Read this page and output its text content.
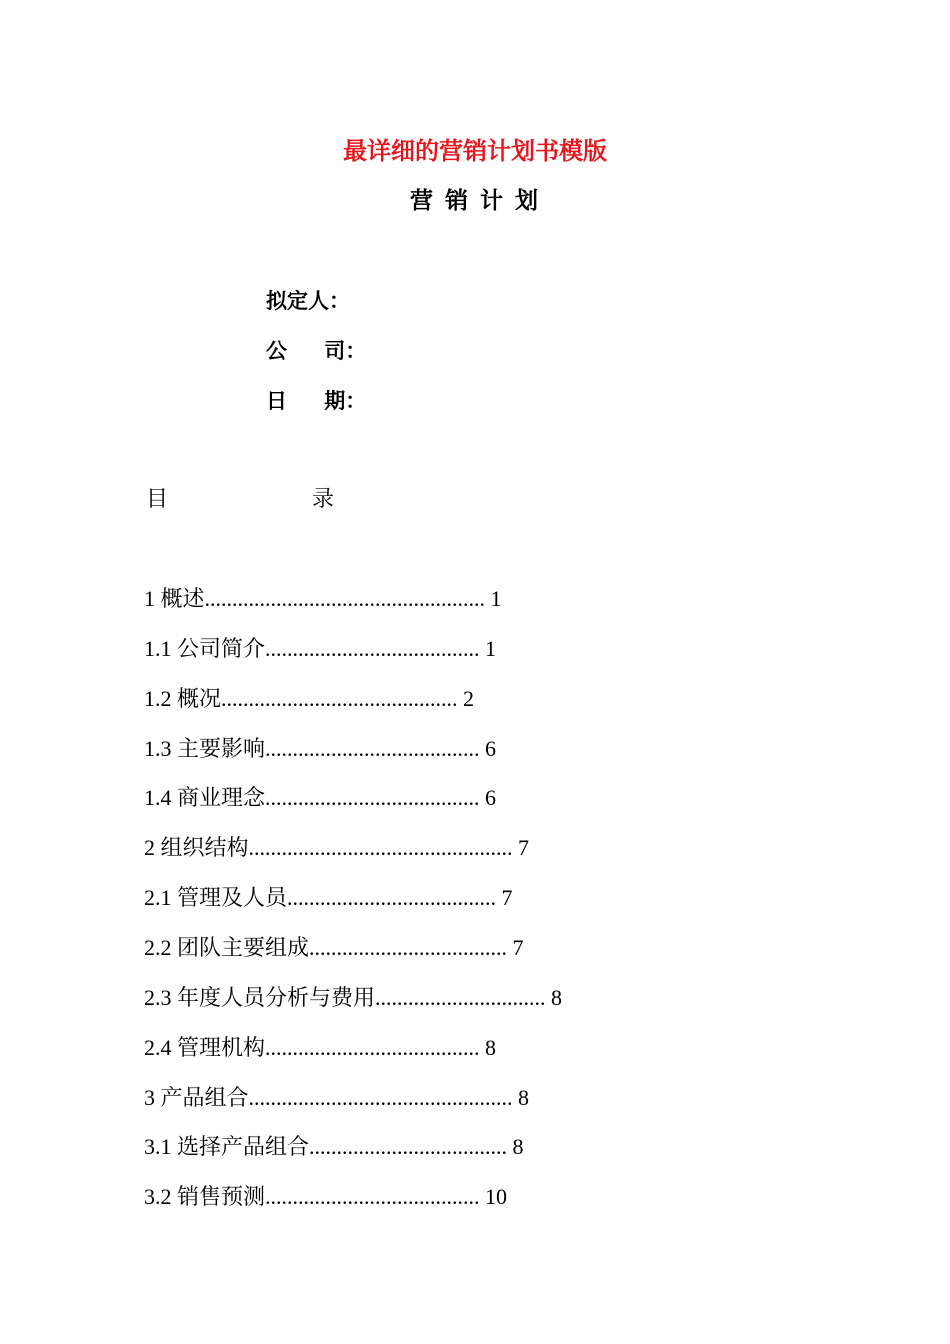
最详细的营销计划书模版
营 销 计 划
拟定人：
公 司：
日 期：
目	录
1 概述................................................... 1
1.1 公司简介....................................... 1
1.2 概况........................................... 2
1.3 主要影响....................................... 6
1.4 商业理念....................................... 6
2 组织结构................................................ 7
2.1 管理及人员...................................... 7
2.2 团队主要组成.................................... 7
2.3 年度人员分析与费用............................... 8
2.4 管理机构....................................... 8
3 产品组合................................................ 8
3.1 选择产品组合.................................... 8
3.2 销售预测....................................... 10
